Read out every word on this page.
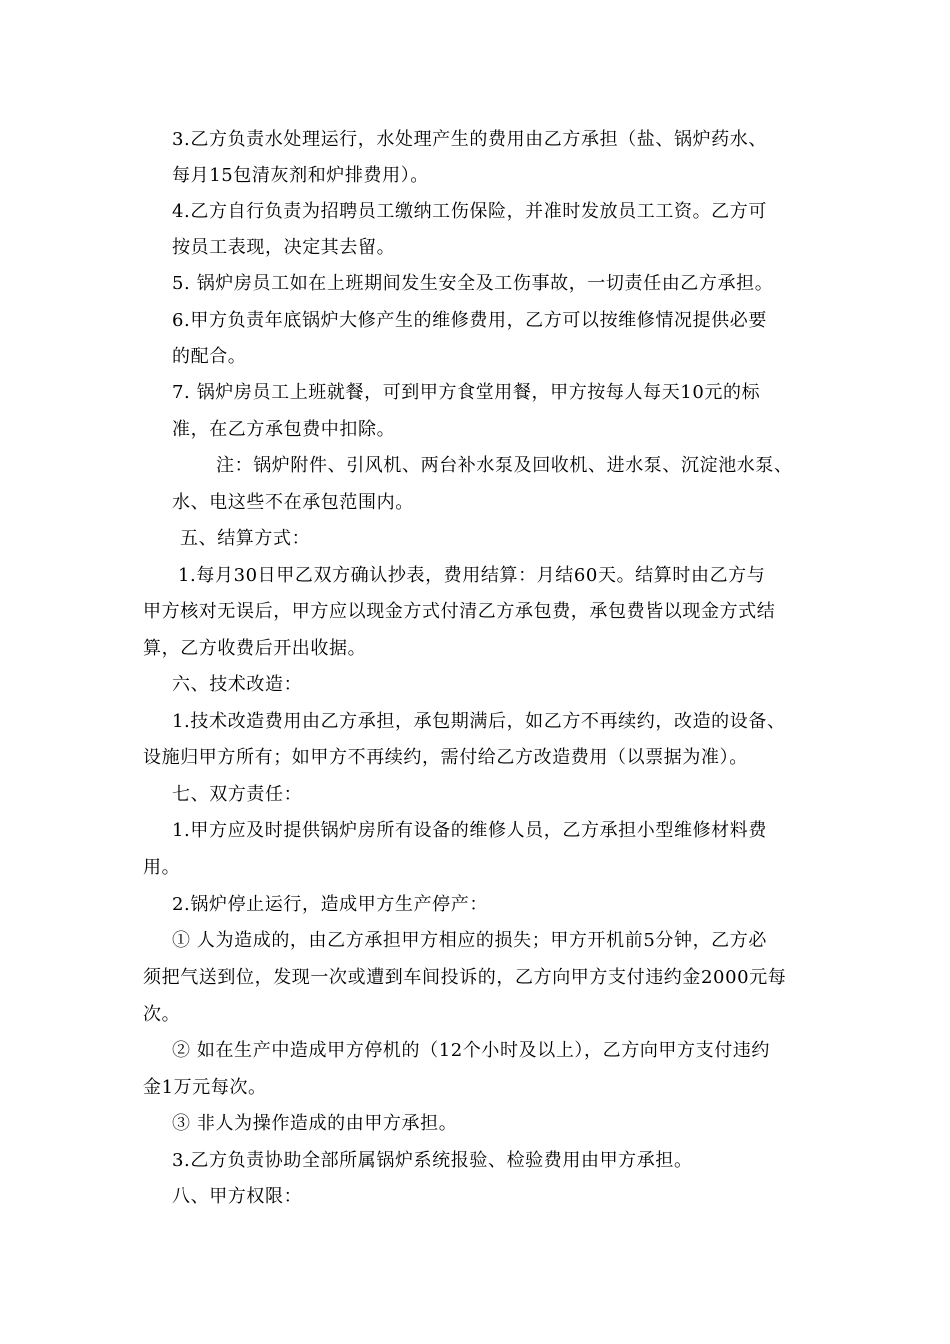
3.乙方负责水处理运行，水处理产生的费用由乙方承担（盐、锅炉药水、
每月15包清灰剂和炉排费用）。
4.乙方自行负责为招聘员工缴纳工伤保险，并准时发放员工工资。乙方可
按员工表现，决定其去留。
5. 锅炉房员工如在上班期间发生安全及工伤事故，一切责任由乙方承担。
6.甲方负责年底锅炉大修产生的维修费用，乙方可以按维修情况提供必要
的配合。
7. 锅炉房员工上班就餐，可到甲方食堂用餐，甲方按每人每天10元的标
准，在乙方承包费中扣除。
注：锅炉附件、引风机、两台补水泵及回收机、进水泵、沉淀池水泵、
水、电这些不在承包范围内。
五、结算方式：
1.每月30日甲乙双方确认抄表，费用结算：月结60天。结算时由乙方与
甲方核对无误后，甲方应以现金方式付清乙方承包费，承包费皆以现金方式结
算，乙方收费后开出收据。
六、技术改造：
1.技术改造费用由乙方承担，承包期满后，如乙方不再续约，改造的设备、
设施归甲方所有；如甲方不再续约，需付给乙方改造费用（以票据为准）。
七、双方责任：
1.甲方应及时提供锅炉房所有设备的维修人员，乙方承担小型维修材料费
用。
2.锅炉停止运行，造成甲方生产停产：
① 人为造成的，由乙方承担甲方相应的损失；甲方开机前5分钟，乙方必
须把气送到位，发现一次或遭到车间投诉的，乙方向甲方支付违约金2000元每
次。
② 如在生产中造成甲方停机的（12个小时及以上），乙方向甲方支付违约
金1万元每次。
③ 非人为操作造成的由甲方承担。
3.乙方负责协助全部所属锅炉系统报验、检验费用由甲方承担。
八、甲方权限：
